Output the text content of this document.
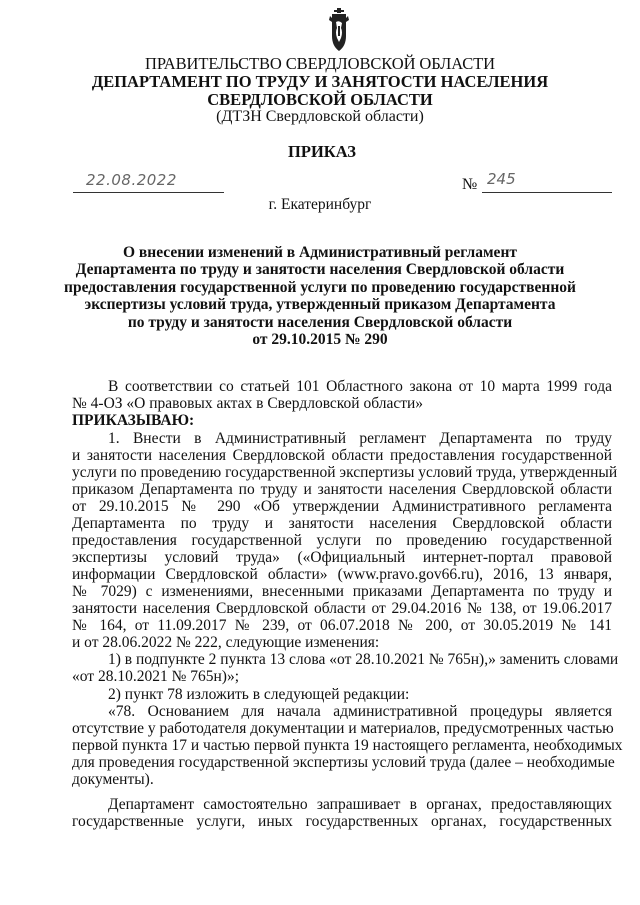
ПРАВИТЕЛЬСТВО СВЕРДЛОВСКОЙ ОБЛАСТИ
ДЕПАРТАМЕНТ ПО ТРУДУ И ЗАНЯТОСТИ НАСЕЛЕНИЯ
СВЕРДЛОВСКОЙ ОБЛАСТИ
(ДТЗН Свердловской области)
ПРИКАЗ
22.08.2022	№ 245
г. Екатеринбург
О внесении изменений в Административный регламент
Департамента по труду и занятости населения Свердловской области
предоставления государственной услуги по проведению государственной
экспертизы условий труда, утвержденный приказом Департамента
по труду и занятости населения Свердловской области
от 29.10.2015 № 290
В соответствии со статьей 101 Областного закона от 10 марта 1999 года
№ 4-ОЗ «О правовых актах в Свердловской области»
ПРИКАЗЫВАЮ:
1. Внести в Административный регламент Департамента по труду
и занятости населения Свердловской области предоставления государственной
услуги по проведению государственной экспертизы условий труда, утвержденный
приказом Департамента по труду и занятости населения Свердловской области
от 29.10.2015 № 290 «Об утверждении Административного регламента
Департамента по труду и занятости населения Свердловской области
предоставления государственной услуги по проведению государственной
экспертизы условий труда» («Официальный интернет-портал правовой
информации Свердловской области» (www.pravo.gov66.ru), 2016, 13 января,
№ 7029) с изменениями, внесенными приказами Департамента по труду и
занятости населения Свердловской области от 29.04.2016 № 138, от 19.06.2017
№ 164, от 11.09.2017 № 239, от 06.07.2018 № 200, от 30.05.2019 № 141
и от 28.06.2022 № 222, следующие изменения:
1) в подпункте 2 пункта 13 слова «от 28.10.2021 № 765н),» заменить словами
«от 28.10.2021 № 765н)»;
2) пункт 78 изложить в следующей редакции:
«78. Основанием для начала административной процедуры является
отсутствие у работодателя документации и материалов, предусмотренных частью
первой пункта 17 и частью первой пункта 19 настоящего регламента, необходимых
для проведения государственной экспертизы условий труда (далее – необходимые
документы).
Департамент самостоятельно запрашивает в органах, предоставляющих
государственные услуги, иных государственных органах, государственных
